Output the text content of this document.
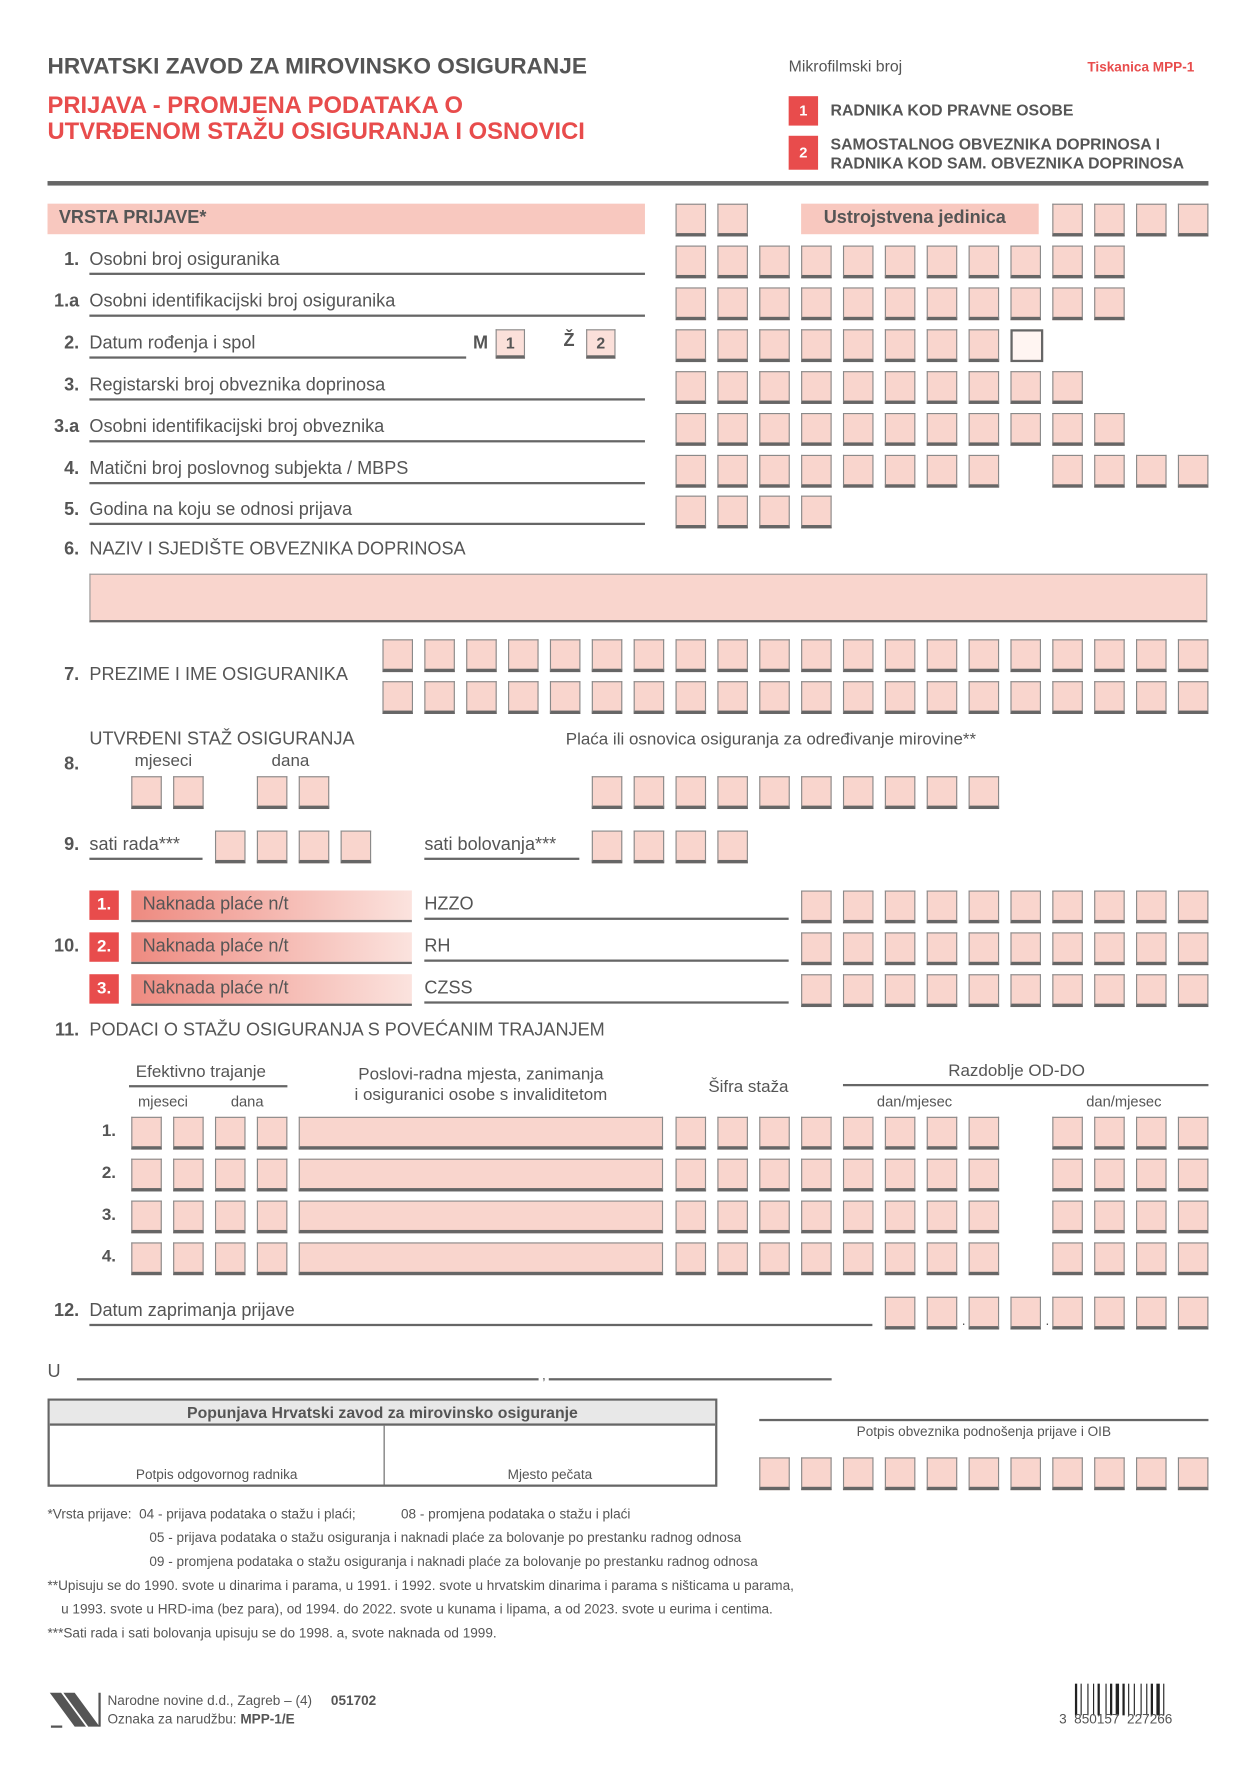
HRVATSKI ZAVOD ZA MIROVINSKO OSIGURANJE
PRIJAVA - PROMJENA PODATAKA O
UTVRĐENOM STAŽU OSIGURANJA I OSNOVICI
Mikrofilmski broj	Tiskanica MPP-1
1	RADNIKA KOD PRAVNE OSOBE
2	SAMOSTALNOG OBVEZNIKA DOPRINOSA I
RADNIKA KOD SAM. OBVEZNIKA DOPRINOSA
VRSTA PRIJAVE*	Ustrojstvena jedinica
6. NAZIV I SJEDIŠTE OBVEZNIKA DOPRINOSA
7. PREZIME I IME OSIGURANIKA
UTVRĐENI STAŽ OSIGURANJA
8.	mjeseci	dana
Plaća ili osnovica osiguranja za određivanje mirovine**
9. sati rada***	sati bolovanja***
10.
11. PODACI O STAŽU OSIGURANJA S POVEĆANIM TRAJANJEM
Efektivno trajanje
mjeseci	dana
Poslovi-radna mjesta, zanimanja
i osiguranici osobe s invaliditetom	Šifra staža
Razdoblje OD-DO
dan/mjesec	dan/mjesec
12. Datum zaprimanja prijave
U	,
Popunjava Hrvatski zavod za mirovinsko osiguranje
Potpis odgovornog radnika	Mjesto pečata
Potpis obveznika podnošenja prijave i OIB
*Vrsta prijave: 04 - prijava podataka o stažu i plaći;	08 - promjena podataka o stažu i plaći
05 - prijava podataka o stažu osiguranja i naknadi plaće za bolovanje po prestanku radnog odnosa
09 - promjena podataka o stažu osiguranja i naknadi plaće za bolovanje po prestanku radnog odnosa
**Upisuju se do 1990. svote u dinarima i parama, u 1991. i 1992. svote u hrvatskim dinarima i parama s ništicama u parama,
u 1993. svote u HRD-ima (bez para), od 1994. do 2022. svote u kunama i lipama, a od 2023. svote u eurima i centima.
***Sati rada i sati bolovanja upisuju se do 1998. a, svote naknada od 1999.
Narodne novine d.d., Zagreb – (4) 051702
Oznaka za narudžbu: MPP-1/E	3  850157  227266
1. Osobni broj osiguranika
1.a Osobni identifikacijski broj osiguranika
2. Datum rođenja i spol
3. Registarski broj obveznika doprinosa
3.a Osobni identifikacijski broj obveznika
4. Matični broj poslovnog subjekta / MBPS
5. Godina na koju se odnosi prijava
M	1	Ž	2
1.	Naknada plaće n/t	HZZO
2.	Naknada plaće n/t	RH
3.	Naknada plaće n/t	CZSS
1.
2.
3.
4.
.	.
